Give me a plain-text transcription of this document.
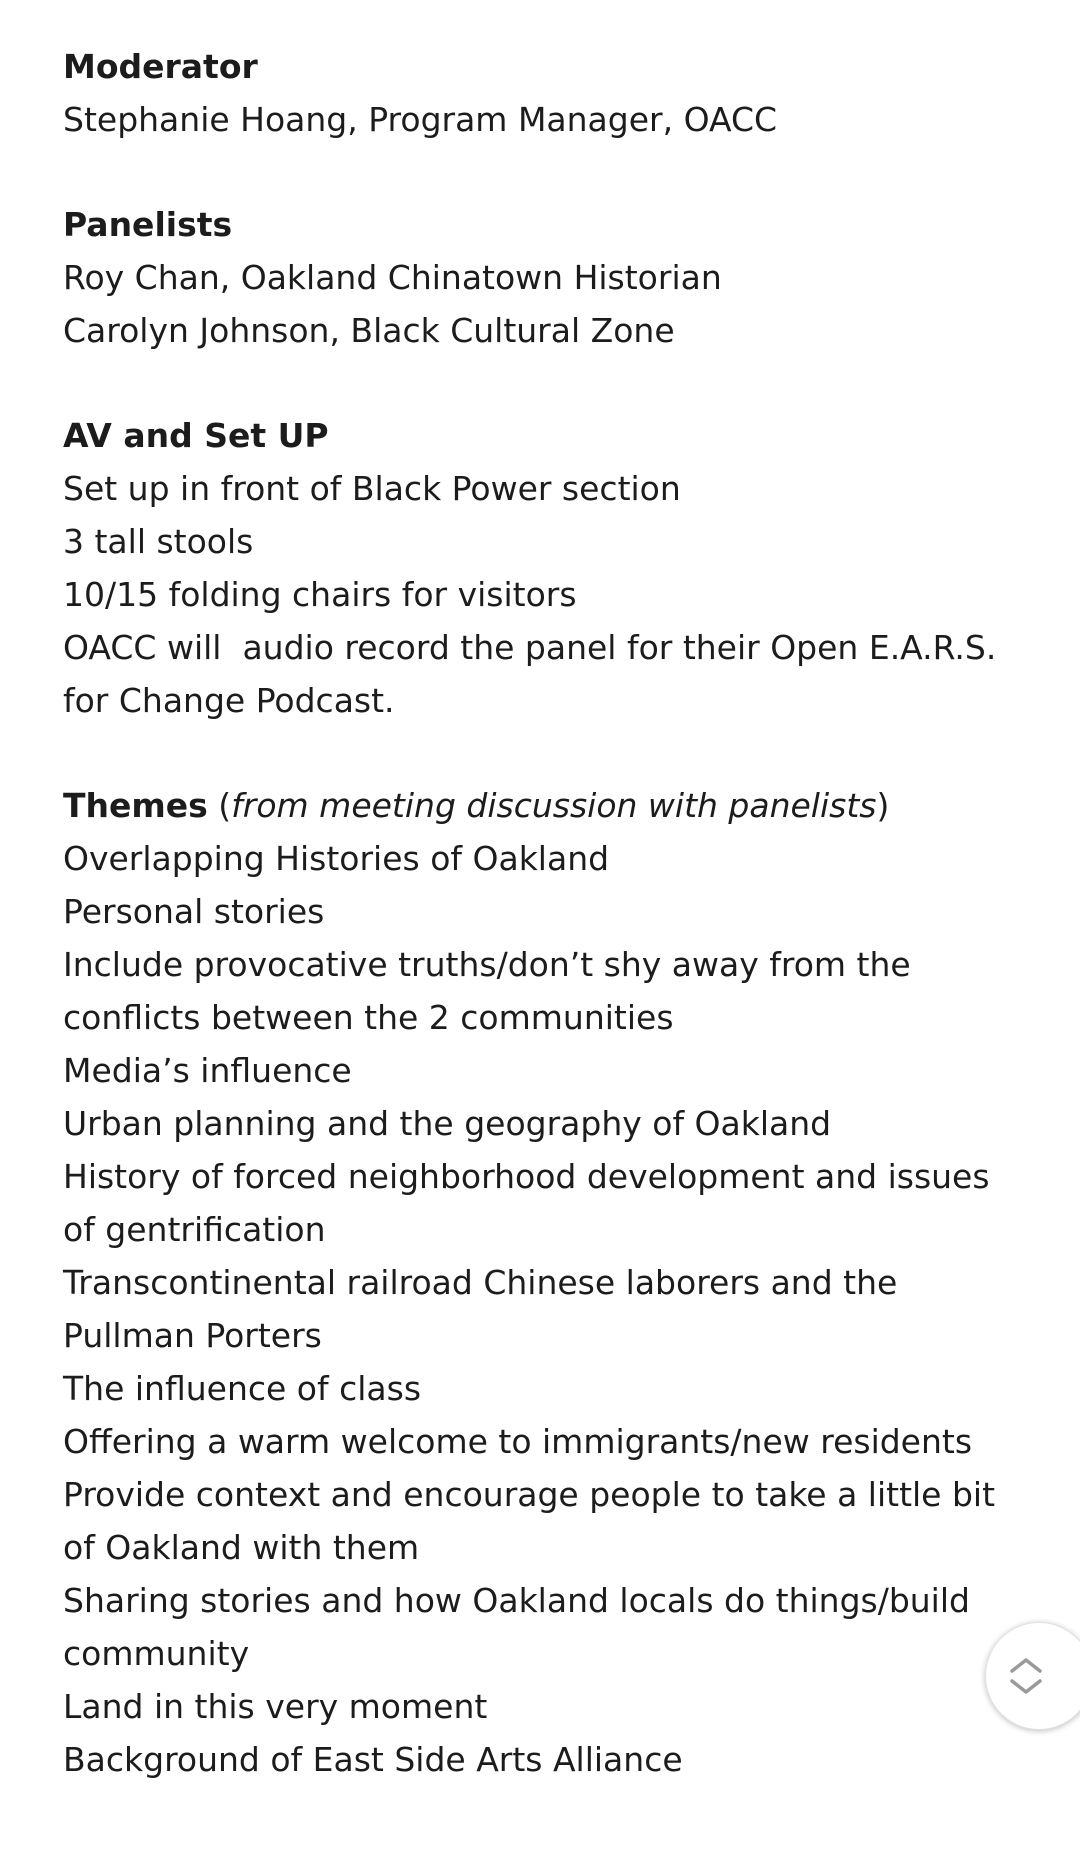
Moderator

Stephanie Hoang, Program Manager, OACC

Panelists

Roy Chan, Oakland Chinatown Historian

Carolyn Johnson, Black Cultural Zone

AV and Set UP

Set up in front of Black Power section

3 tall stools

10/15 folding chairs for visitors

OACC will  audio record the panel for their Open E.A.R.S.

for Change Podcast.

Themes (from meeting discussion with panelists)

Overlapping Histories of Oakland

Personal stories

Include provocative truths/don’t shy away from the

conflicts between the 2 communities

Media’s influence

Urban planning and the geography of Oakland

History of forced neighborhood development and issues

of gentrification

Transcontinental railroad Chinese laborers and the

Pullman Porters

The influence of class

Offering a warm welcome to immigrants/new residents

Provide context and encourage people to take a little bit

of Oakland with them

Sharing stories and how Oakland locals do things/build

community

Land in this very moment

Background of East Side Arts Alliance
